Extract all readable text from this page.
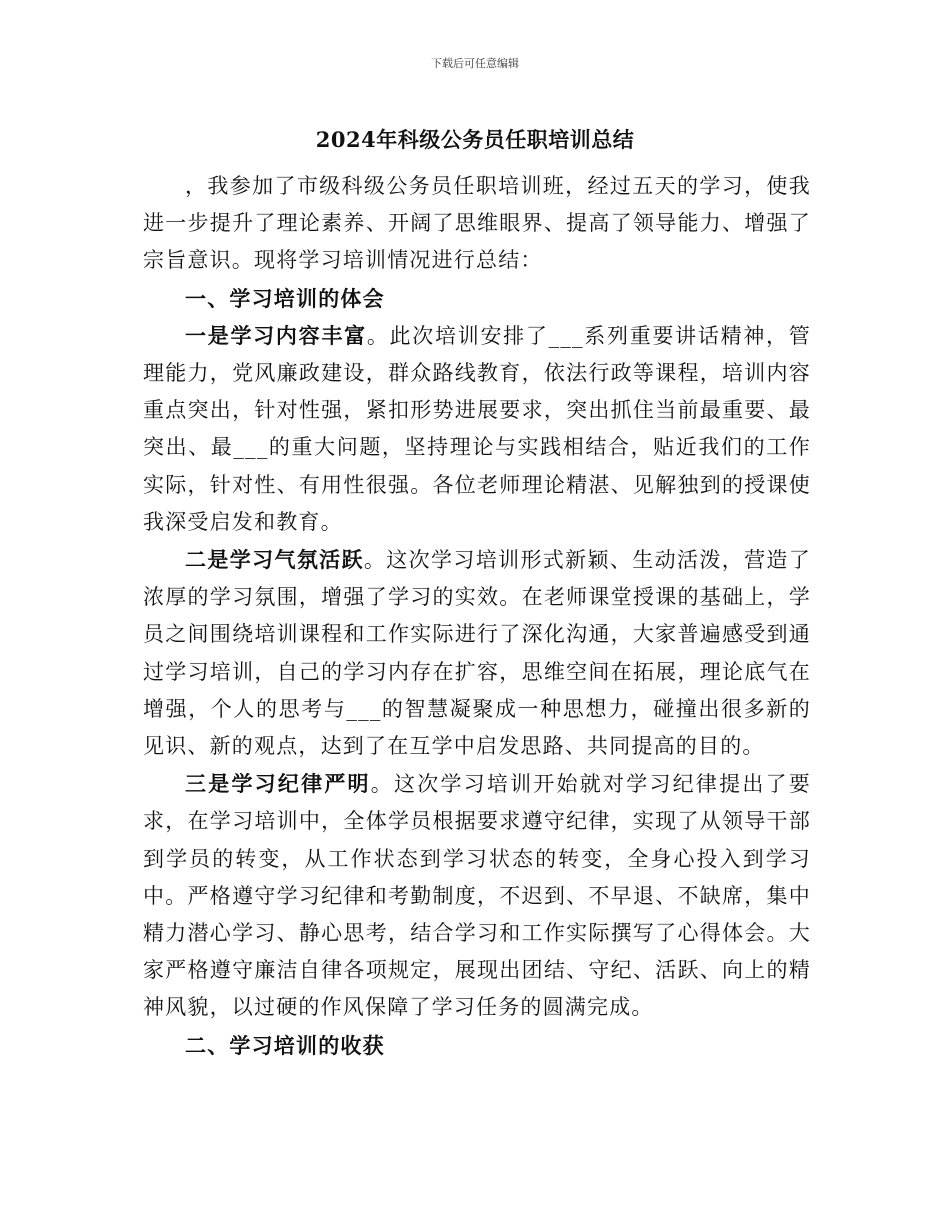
下载后可任意编辑
2024年科级公务员任职培训总结

，我参加了市级科级公务员任职培训班，经过五天的学习，使我进一步提升了理论素养、开阔了思维眼界、提高了领导能力、增强了宗旨意识。现将学习培训情况进行总结：

一、学习培训的体会

一是学习内容丰富。此次培训安排了___系列重要讲话精神，管理能力，党风廉政建设，群众路线教育，依法行政等课程，培训内容重点突出，针对性强，紧扣形势进展要求，突出抓住当前最重要、最突出、最___的重大问题，坚持理论与实践相结合，贴近我们的工作实际，针对性、有用性很强。各位老师理论精湛、见解独到的授课使我深受启发和教育。

二是学习气氛活跃。这次学习培训形式新颖、生动活泼，营造了浓厚的学习氛围，增强了学习的实效。在老师课堂授课的基础上，学员之间围绕培训课程和工作实际进行了深化沟通，大家普遍感受到通过学习培训，自己的学习内存在扩容，思维空间在拓展，理论底气在增强，个人的思考与___的智慧凝聚成一种思想力，碰撞出很多新的见识、新的观点，达到了在互学中启发思路、共同提高的目的。

三是学习纪律严明。这次学习培训开始就对学习纪律提出了要求，在学习培训中，全体学员根据要求遵守纪律，实现了从领导干部到学员的转变，从工作状态到学习状态的转变，全身心投入到学习中。严格遵守学习纪律和考勤制度，不迟到、不早退、不缺席，集中精力潜心学习、静心思考，结合学习和工作实际撰写了心得体会。大家严格遵守廉洁自律各项规定，展现出团结、守纪、活跃、向上的精神风貌，以过硬的作风保障了学习任务的圆满完成。

二、学习培训的收获
